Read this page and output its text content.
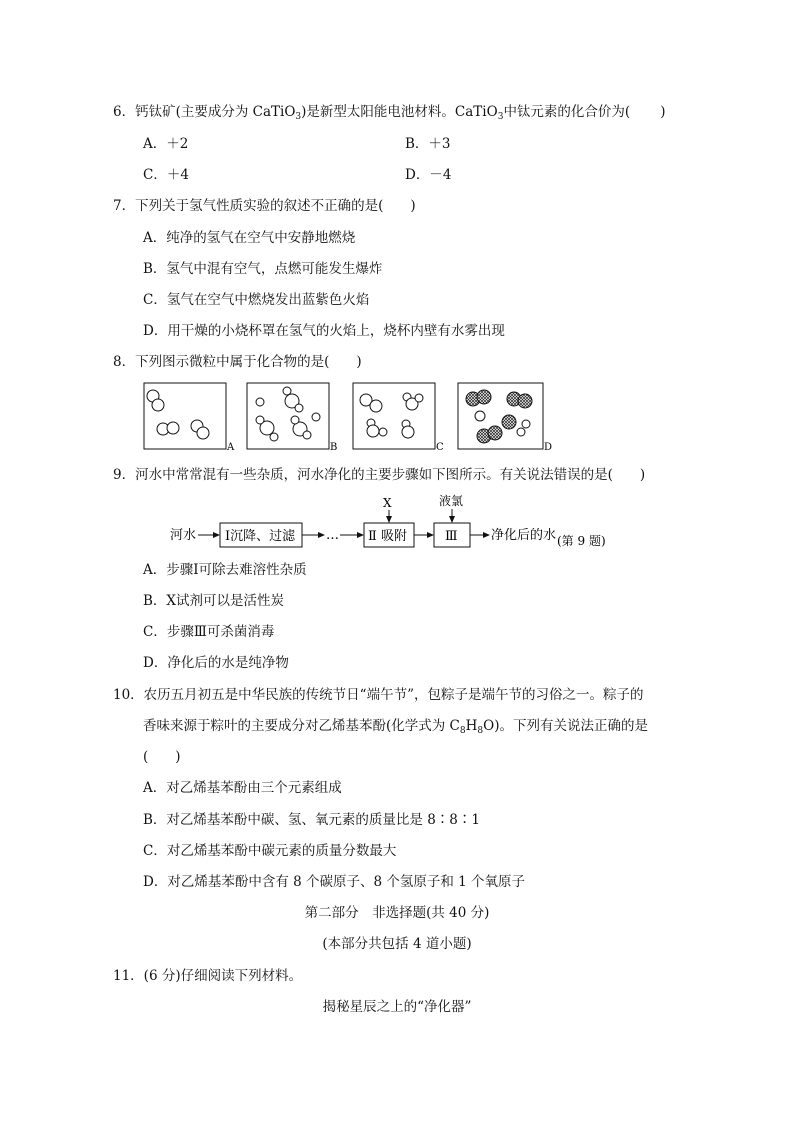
6．钙钛矿(主要成分为 CaTiO$_3$)是新型太阳能电池材料。CaTiO$_3$中钛元素的化合价为( )
A．＋2	B．＋3
C．＋4	D．－4
7．下列关于氢气性质实验的叙述不正确的是(　　)
A．纯净的氢气在空气中安静地燃烧
B．氢气中混有空气，点燃可能发生爆炸
C．氢气在空气中燃烧发出蓝紫色火焰
D．用干燥的小烧杯罩在氢气的火焰上，烧杯内壁有水雾出现
8．下列图示微粒中属于化合物的是(　　)
A	B	C	D
9．河水中常常混有一些杂质，河水净化的主要步骤如下图所示。有关说法错误的是(　　)
河水 Ⅰ沉降、过滤 … Ⅱ 吸附
X
Ⅲ
液氯
净化后的水 (第 9 题)
A．步骤Ⅰ可除去难溶性杂质
B．X试剂可以是活性炭
C．步骤Ⅲ可杀菌消毒
D．净化后的水是纯净物
10．农历五月初五是中华民族的传统节日“端午节”，包粽子是端午节的习俗之一。粽子的
香味来源于粽叶的主要成分对乙烯基苯酚(化学式为 $C_8H_8O$)。下列有关说法正确的是
(　　)
A．对乙烯基苯酚由三个元素组成
B．对乙烯基苯酚中碳、氢、氧元素的质量比是 8∶8∶1
C．对乙烯基苯酚中碳元素的质量分数最大
D．对乙烯基苯酚中含有 8 个碳原子、8 个氢原子和 1 个氧原子
第二部分　非选择题(共 40 分)
(本部分共包括 4 道小题)
11．(6 分)仔细阅读下列材料。
揭秘星辰之上的“净化器”
